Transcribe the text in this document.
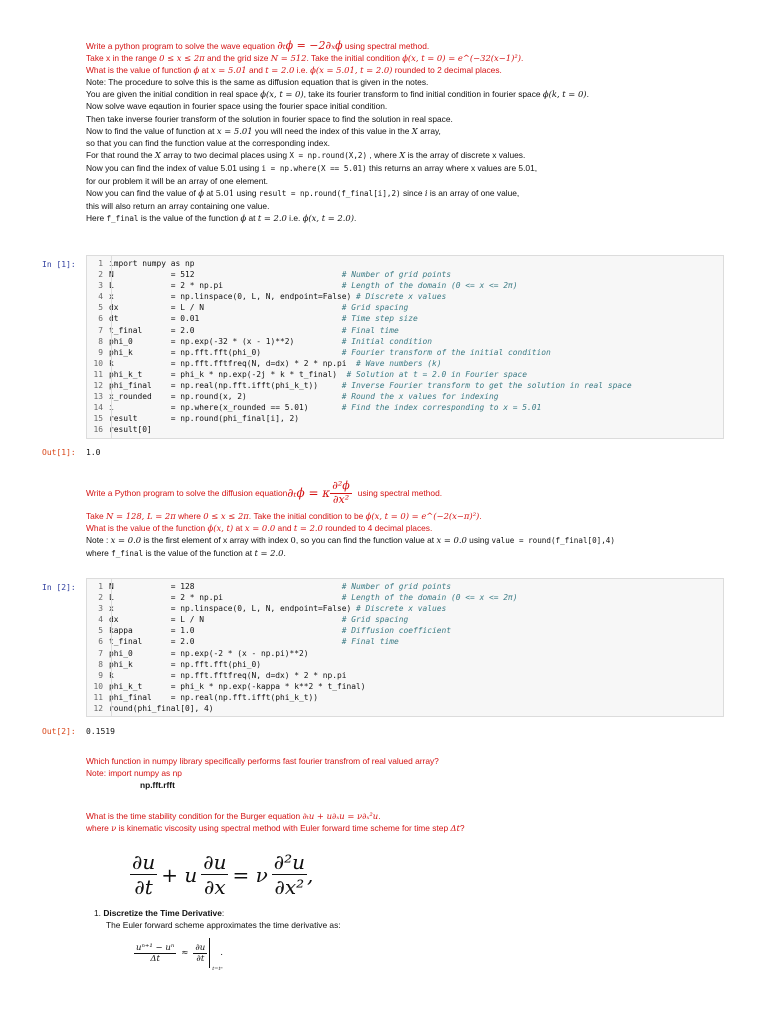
Write a python program to solve the wave equation ∂ₜϕ = −2∂ₓϕ using spectral method.

Take x in the range 0 ≤ x ≤ 2π and the grid size N = 512. Take the initial condition ϕ(x, t = 0) = e^(−32(x−1)²).

What is the value of function ϕ at x = 5.01 and t = 2.0 i.e. ϕ(x = 5.01, t = 2.0) rounded to 2 decimal places.

Note: The procedure to solve this is the same as diffusion equation that is given in the notes.

You are given the initial condition in real space ϕ(x, t = 0), take its fourier transform to find initial condition in fourier space ϕ(k, t = 0).

Now solve wave eqaution in fourier space using the fourier space initial condition.

Then take inverse fourier transform of the solution in fourier space to find the solution in real space.

Now to find the value of function at x = 5.01 you will need the index of this value in the X array,

so that you can find the function value at the corresponding index.

For that round the X array to two decimal places using X = np.round(X,2) , where X is the array of discrete x values.

Now you can find the index of value 5.01 using i = np.where(X == 5.01) this returns an array where x values are 5.01,

for our problem it will be an array of one element.

Now you can find the value of ϕ at 5.01 using result = np.round(f_final[i],2) since i is an array of one value,

this will also return an array containing one value.

Here f_final is the value of the function ϕ at t = 2.0 i.e. ϕ(x, t = 2.0).

In [1]:	1 import numpy as np
2 N            = 512                               # Number of grid points
3 L            = 2 * np.pi                         # Length of the domain (0 <= x <= 2π)
4 x            = np.linspace(0, L, N, endpoint=False) # Discrete x values
5 dx           = L / N                             # Grid spacing
6 dt           = 0.01                              # Time step size
7 t_final      = 2.0                               # Final time
8 phi_0        = np.exp(-32 * (x - 1)**2)          # Initial condition
9 phi_k        = np.fft.fft(phi_0)                 # Fourier transform of the initial condition
10 k            = np.fft.fftfreq(N, d=dx) * 2 * np.pi  # Wave numbers (k)
11 phi_k_t      = phi_k * np.exp(-2j * k * t_final)  # Solution at t = 2.0 in Fourier space
12 phi_final    = np.real(np.fft.ifft(phi_k_t))     # Inverse Fourier transform to get the solution in real space
13 x_rounded    = np.round(x, 2)                    # Round the x values for indexing
14 i            = np.where(x_rounded == 5.01)       # Find the index corresponding to x = 5.01
15 result       = np.round(phi_final[i], 2)
16 result[0]
Out[1]: 1.0

Write a Python program to solve the diffusion equation ∂ₜϕ = κ $\frac{\text{∂²ϕ}}{\text{∂x²}}$ using spectral method.

Take N = 128, L = 2π where 0 ≤ x ≤ 2π. Take the initial condition to be ϕ(x, t = 0) = e^(−2(x−π)²).

What is the value of the function ϕ(x, t) at x = 0.0 and t = 2.0 rounded to 4 decimal places.

Note : x = 0.0 is the first element of x array with index 0, so you can find the function value at x = 0.0 using value = round(f_final[0],4)

where f_final is the value of the function at t = 2.0.

In [2]:	1 N            = 128                               # Number of grid points
2 L            = 2 * np.pi                         # Length of the domain (0 <= x <= 2π)
3 x            = np.linspace(0, L, N, endpoint=False) # Discrete x values
4 dx           = L / N                             # Grid spacing
5 kappa        = 1.0                               # Diffusion coefficient
6 t_final      = 2.0                               # Final time
7 phi_0        = np.exp(-2 * (x - np.pi)**2)
8 phi_k        = np.fft.fft(phi_0)
9 k            = np.fft.fftfreq(N, d=dx) * 2 * np.pi
10 phi_k_t      = phi_k * np.exp(-kappa * k**2 * t_final)
11 phi_final    = np.real(np.fft.ifft(phi_k_t))
12 round(phi_final[0], 4)
Out[2]: 0.1519

Which function in numpy library specifically performs fast fourier transfrom of real valued array?

Note: import numpy as np

np.fft.rfft

What is the time stability condition for the Burger equation ∂ₜu + u∂ₓu = ν∂ₓ²u.

where ν is kinematic viscosity using spectral method with Euler forward time scheme for time step Δt?

$\frac{\partial u}{\partial t} + u \frac{\partial u}{\partial x} = \nu \frac{\text{∂²u}}{\text{∂x²}}$ ,

1. Discretize the Time Derivative:

The Euler forward scheme approximates the time derivative as:

$\frac{\text{uⁿ⁺¹ − uⁿ}}{\Delta t} \approx \frac{\partial u}{\partial t}$
t=tⁿ
.
